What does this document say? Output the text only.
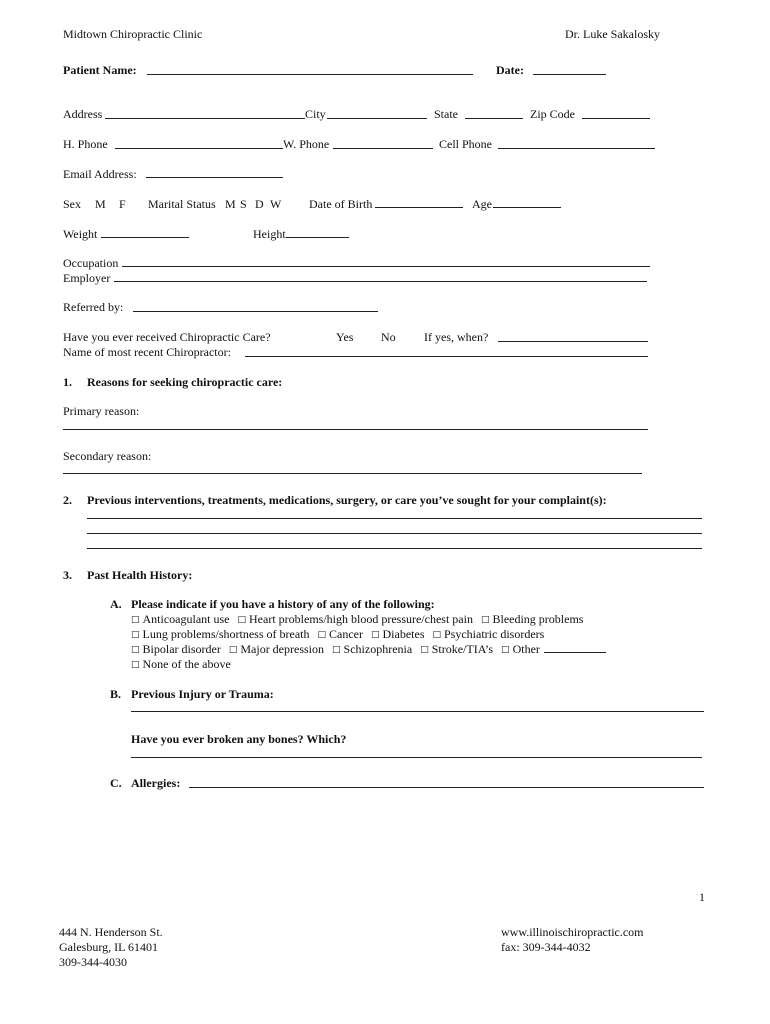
Midtown Chiropractic Clinic	Dr. Luke Sakalosky
Patient Name:	Date:
Address	City	State	Zip Code
H. Phone	W. Phone	Cell Phone
Email Address:
Sex M F Marital Status M S D W Date of Birth	Age
Weight	Height
Occupation
Employer
Referred by:
Have you ever received Chiropractic Care?	Yes No If yes, when?
Name of most recent Chiropractor:
1. Reasons for seeking chiropractic care:
Primary reason:
Secondary reason:
2. Previous interventions, treatments, medications, surgery, or care you’ve sought for your complaint(s):
3. Past Health History:
A. Please indicate if you have a history of any of the following:
□ Anticoagulant use □ Heart problems/high blood pressure/chest pain □ Bleeding problems
□ Lung problems/shortness of breath □ Cancer □ Diabetes □ Psychiatric disorders
□ Bipolar disorder □ Major depression □ Schizophrenia □ Stroke/TIA’s □ Other
□ None of the above
B. Previous Injury or Trauma:
Have you ever broken any bones? Which?
C. Allergies:
1
444 N. Henderson St.
Galesburg, IL 61401
309-344-4030
www.illinoischiropractic.com
fax: 309-344-4032
